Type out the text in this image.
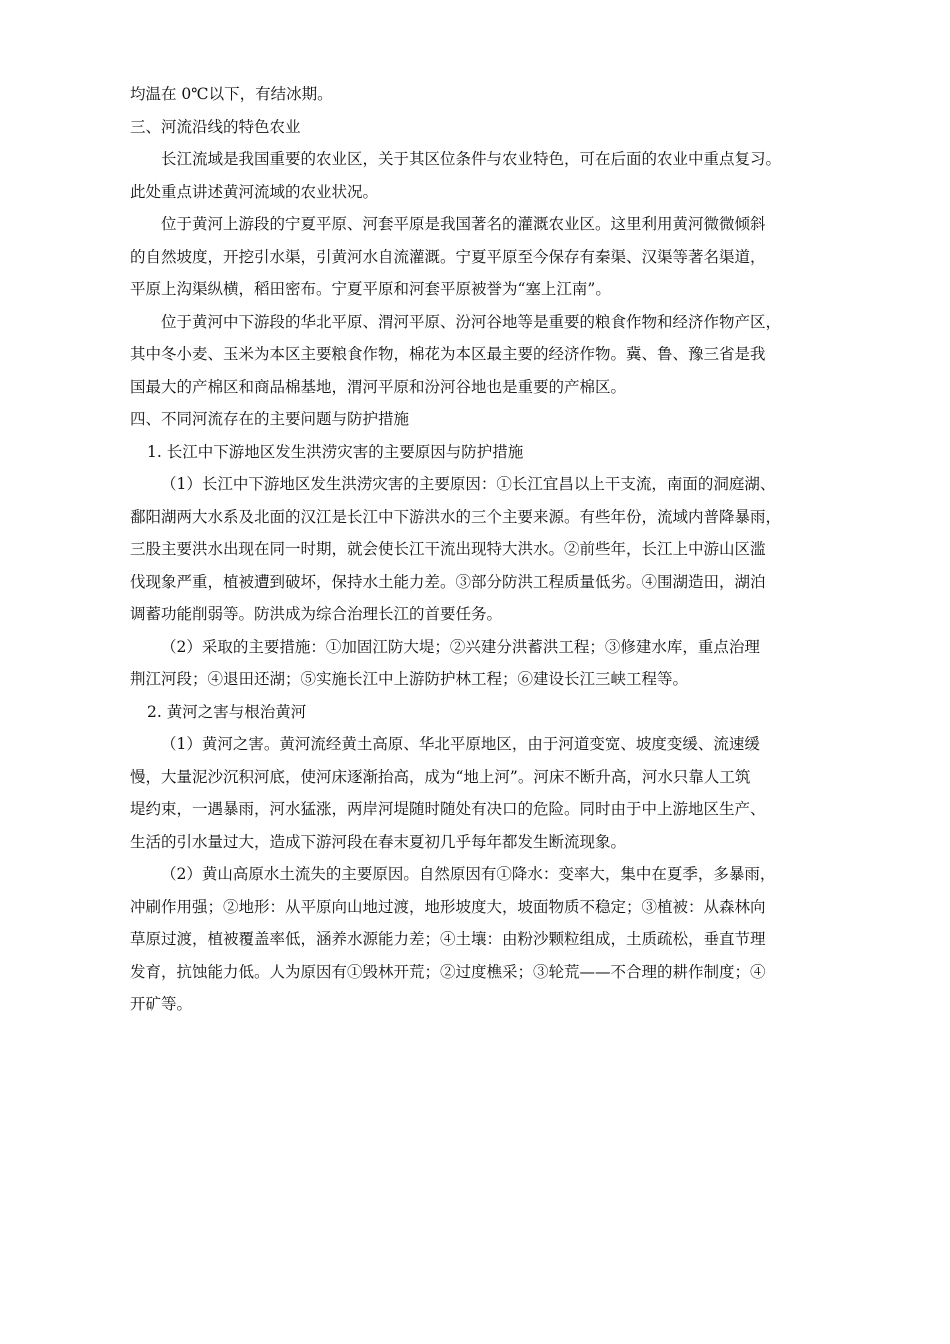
均温在 0℃以下，有结冰期。
三、河流沿线的特色农业
长江流域是我国重要的农业区，关于其区位条件与农业特色，可在后面的农业中重点复习。
此处重点讲述黄河流域的农业状况。
位于黄河上游段的宁夏平原、河套平原是我国著名的灌溉农业区。这里利用黄河微微倾斜
的自然坡度，开挖引水渠，引黄河水自流灌溉。宁夏平原至今保存有秦渠、汉渠等著名渠道，
平原上沟渠纵横，稻田密布。宁夏平原和河套平原被誉为“塞上江南”。
位于黄河中下游段的华北平原、渭河平原、汾河谷地等是重要的粮食作物和经济作物产区，
其中冬小麦、玉米为本区主要粮食作物，棉花为本区最主要的经济作物。冀、鲁、豫三省是我
国最大的产棉区和商品棉基地，渭河平原和汾河谷地也是重要的产棉区。
四、不同河流存在的主要问题与防护措施
1. 长江中下游地区发生洪涝灾害的主要原因与防护措施
（1）长江中下游地区发生洪涝灾害的主要原因：①长江宜昌以上干支流，南面的洞庭湖、
鄱阳湖两大水系及北面的汉江是长江中下游洪水的三个主要来源。有些年份，流域内普降暴雨，
三股主要洪水出现在同一时期，就会使长江干流出现特大洪水。②前些年，长江上中游山区滥
伐现象严重，植被遭到破坏，保持水土能力差。③部分防洪工程质量低劣。④围湖造田，湖泊
调蓄功能削弱等。防洪成为综合治理长江的首要任务。
（2）采取的主要措施：①加固江防大堤；②兴建分洪蓄洪工程；③修建水库，重点治理
荆江河段；④退田还湖；⑤实施长江中上游防护林工程；⑥建设长江三峡工程等。
2. 黄河之害与根治黄河
（1）黄河之害。黄河流经黄土高原、华北平原地区，由于河道变宽、坡度变缓、流速缓
慢，大量泥沙沉积河底，使河床逐渐抬高，成为“地上河”。河床不断升高，河水只靠人工筑
堤约束，一遇暴雨，河水猛涨，两岸河堤随时随处有决口的危险。同时由于中上游地区生产、
生活的引水量过大，造成下游河段在春末夏初几乎每年都发生断流现象。
（2）黄山高原水土流失的主要原因。自然原因有①降水：变率大，集中在夏季，多暴雨，
冲刷作用强；②地形：从平原向山地过渡，地形坡度大，坡面物质不稳定；③植被：从森林向
草原过渡，植被覆盖率低，涵养水源能力差；④土壤：由粉沙颗粒组成，土质疏松，垂直节理
发育，抗蚀能力低。人为原因有①毁林开荒；②过度樵采；③轮荒——不合理的耕作制度；④
开矿等。
